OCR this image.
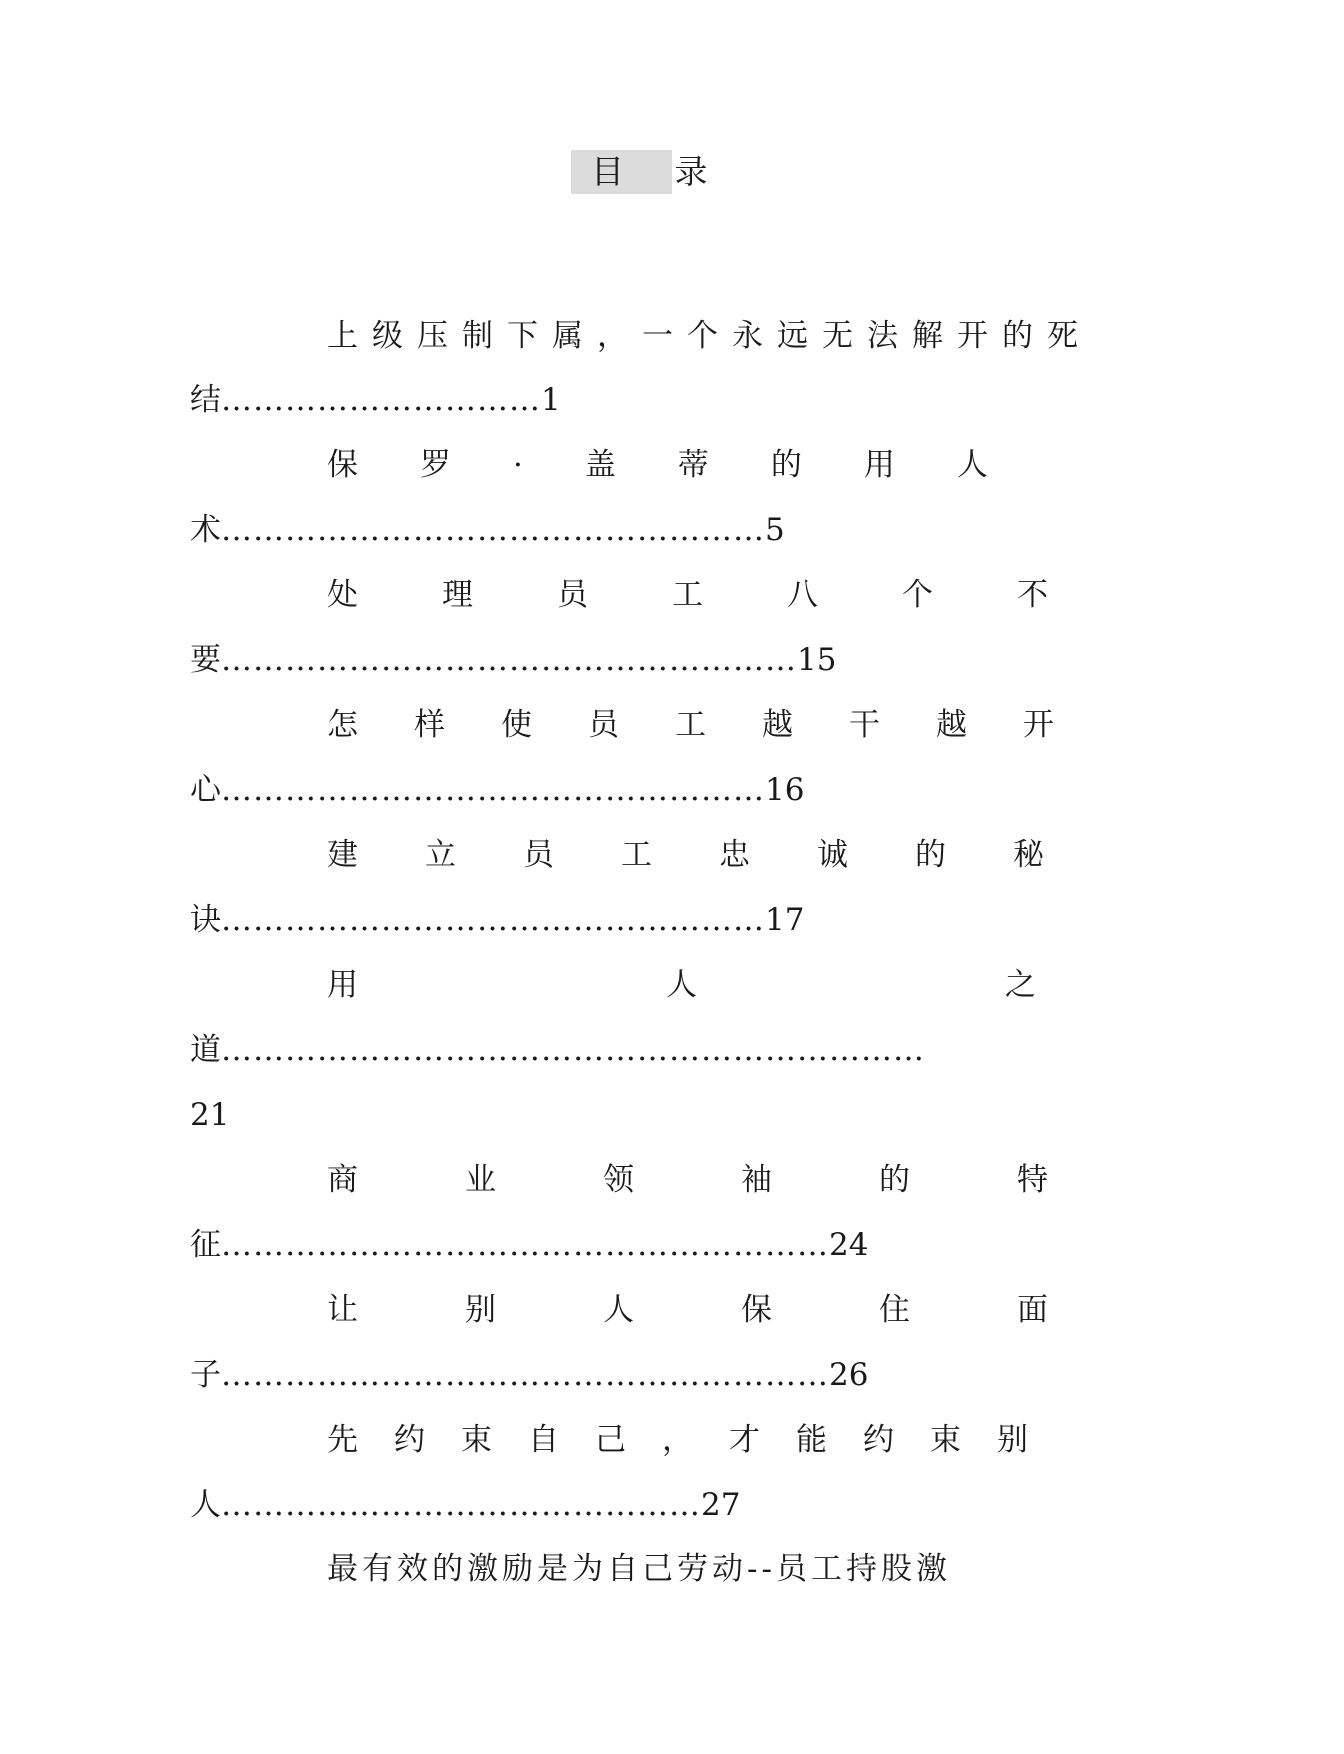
目 录
上级压制下属，一个永远无法解开的死
结…………………………1
保罗·盖蒂的用人
术……………………………………………5
处理员工八个不
要………………………………………………15
怎样使员工越干越开
心……………………………………………16
建立员工忠诚的秘
诀……………………………………………17
用人之
道…………………………………………………………
21
商业领袖的特
征…………………………………………………24
让别人保住面
子…………………………………………………26
先约束自己，才能约束别
人………………………………………27
最有效的激励是为自己劳动--员工持股激
